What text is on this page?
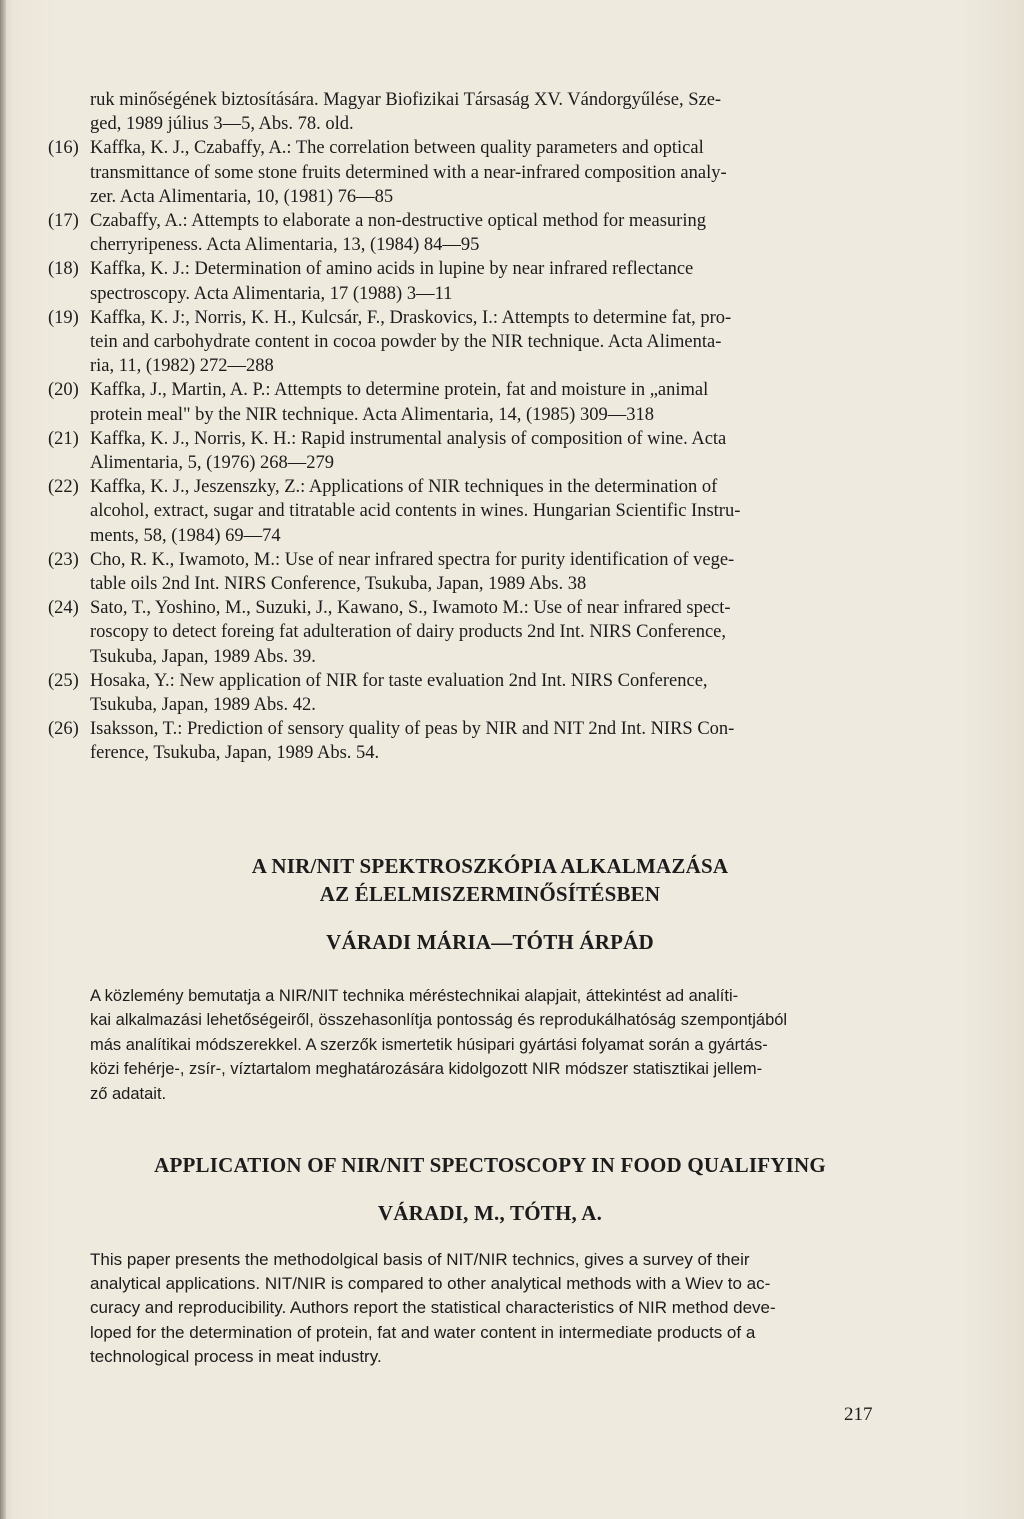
ruk minőségének biztosítására. Magyar Biofizikai Társaság XV. Vándorgyűlése, Sze-
ged, 1989 július 3—5, Abs. 78. old.
(16) Kaffka, K. J., Czabaffy, A.: The correlation between quality parameters and optical
transmittance of some stone fruits determined with a near-infrared composition analy-
zer. Acta Alimentaria, 10, (1981) 76—85
(17) Czabaffy, A.: Attempts to elaborate a non-destructive optical method for measuring
cherryripeness. Acta Alimentaria, 13, (1984) 84—95
(18) Kaffka, K. J.: Determination of amino acids in lupine by near infrared reflectance
spectroscopy. Acta Alimentaria, 17 (1988) 3—11
(19) Kaffka, K. J:, Norris, K. H., Kulcsár, F., Draskovics, I.: Attempts to determine fat, pro-
tein and carbohydrate content in cocoa powder by the NIR technique. Acta Alimenta-
ria, 11, (1982) 272—288
(20) Kaffka, J., Martin, A. P.: Attempts to determine protein, fat and moisture in „animal
protein meal" by the NIR technique. Acta Alimentaria, 14, (1985) 309—318
(21) Kaffka, K. J., Norris, K. H.: Rapid instrumental analysis of composition of wine. Acta
Alimentaria, 5, (1976) 268—279
(22) Kaffka, K. J., Jeszenszky, Z.: Applications of NIR techniques in the determination of
alcohol, extract, sugar and titratable acid contents in wines. Hungarian Scientific Instru-
ments, 58, (1984) 69—74
(23) Cho, R. K., Iwamoto, M.: Use of near infrared spectra for purity identification of vege-
table oils 2nd Int. NIRS Conference, Tsukuba, Japan, 1989 Abs. 38
(24) Sato, T., Yoshino, M., Suzuki, J., Kawano, S., Iwamoto M.: Use of near infrared spect-
roscopy to detect foreing fat adulteration of dairy products 2nd Int. NIRS Conference,
Tsukuba, Japan, 1989 Abs. 39.
(25) Hosaka, Y.: New application of NIR for taste evaluation 2nd Int. NIRS Conference,
Tsukuba, Japan, 1989 Abs. 42.
(26) Isaksson, T.: Prediction of sensory quality of peas by NIR and NIT 2nd Int. NIRS Con-
ference, Tsukuba, Japan, 1989 Abs. 54.
A NIR/NIT SPEKTROSZKÓPIA ALKALMAZÁSA
AZ ÉLELMISZERMINŐSÍTÉSBEN
VÁRADI MÁRIA—TÓTH ÁRPÁD
A közlemény bemutatja a NIR/NIT technika méréstechnikai alapjait, áttekintést ad analíti-
kai alkalmazási lehetőségeiről, összehasonlítja pontosság és reprodukálhatóság szempontjából
más analítikai módszerekkel. A szerzők ismertetik húsipari gyártási folyamat során a gyártás-
közi fehérje-, zsír-, víztartalom meghatározására kidolgozott NIR módszer statisztikai jellem-
ző adatait.
APPLICATION OF NIR/NIT SPECTOSCOPY IN FOOD QUALIFYING
VÁRADI, M., TÓTH, A.
This paper presents the methodolgical basis of NIT/NIR technics, gives a survey of their
analytical applications. NIT/NIR is compared to other analytical methods with a Wiev to ac-
curacy and reproducibility. Authors report the statistical characteristics of NIR method deve-
loped for the determination of protein, fat and water content in intermediate products of a
technological process in meat industry.
217
